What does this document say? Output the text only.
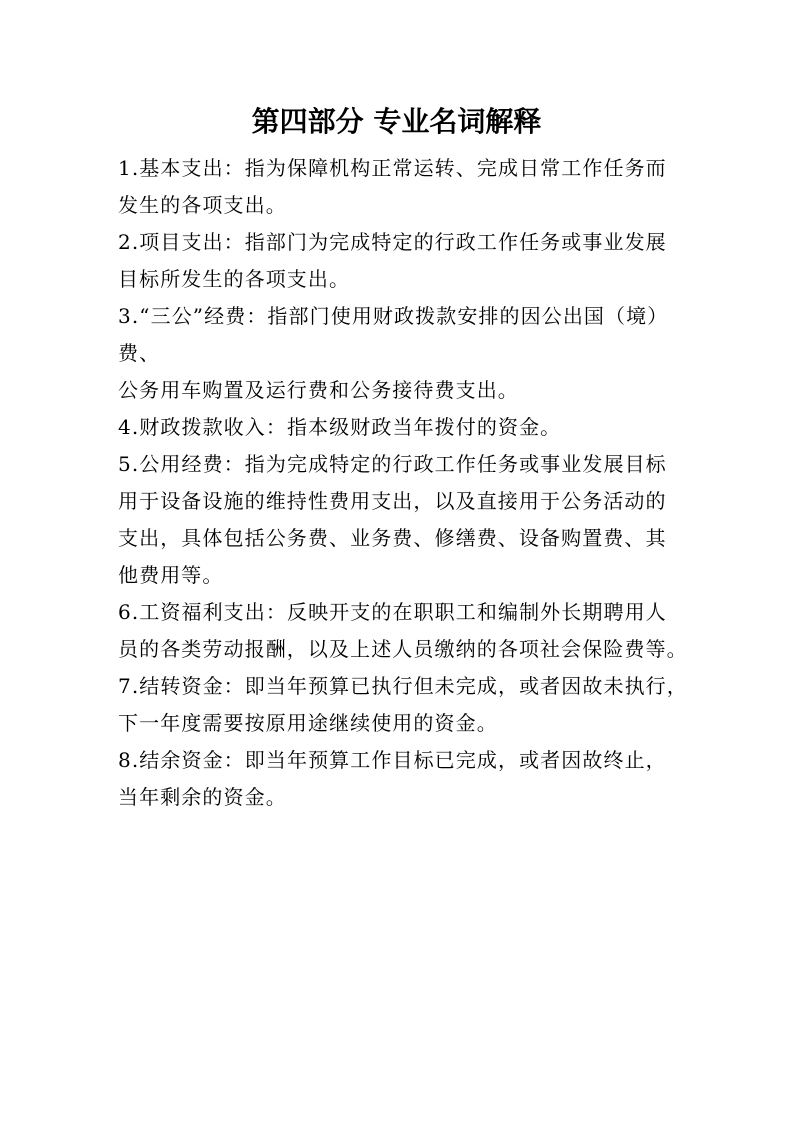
第四部分 专业名词解释
1.基本支出：指为保障机构正常运转、完成日常工作任务而
发生的各项支出。
2.项目支出：指部门为完成特定的行政工作任务或事业发展
目标所发生的各项支出。
3.“三公”经费：指部门使用财政拨款安排的因公出国（境）
费、
公务用车购置及运行费和公务接待费支出。
4.财政拨款收入：指本级财政当年拨付的资金。
5.公用经费：指为完成特定的行政工作任务或事业发展目标
用于设备设施的维持性费用支出，以及直接用于公务活动的
支出，具体包括公务费、业务费、修缮费、设备购置费、其
他费用等。
6.工资福利支出：反映开支的在职职工和编制外长期聘用人
员的各类劳动报酬，以及上述人员缴纳的各项社会保险费等。
7.结转资金：即当年预算已执行但未完成，或者因故未执行，
下一年度需要按原用途继续使用的资金。
8.结余资金：即当年预算工作目标已完成，或者因故终止，
当年剩余的资金。
